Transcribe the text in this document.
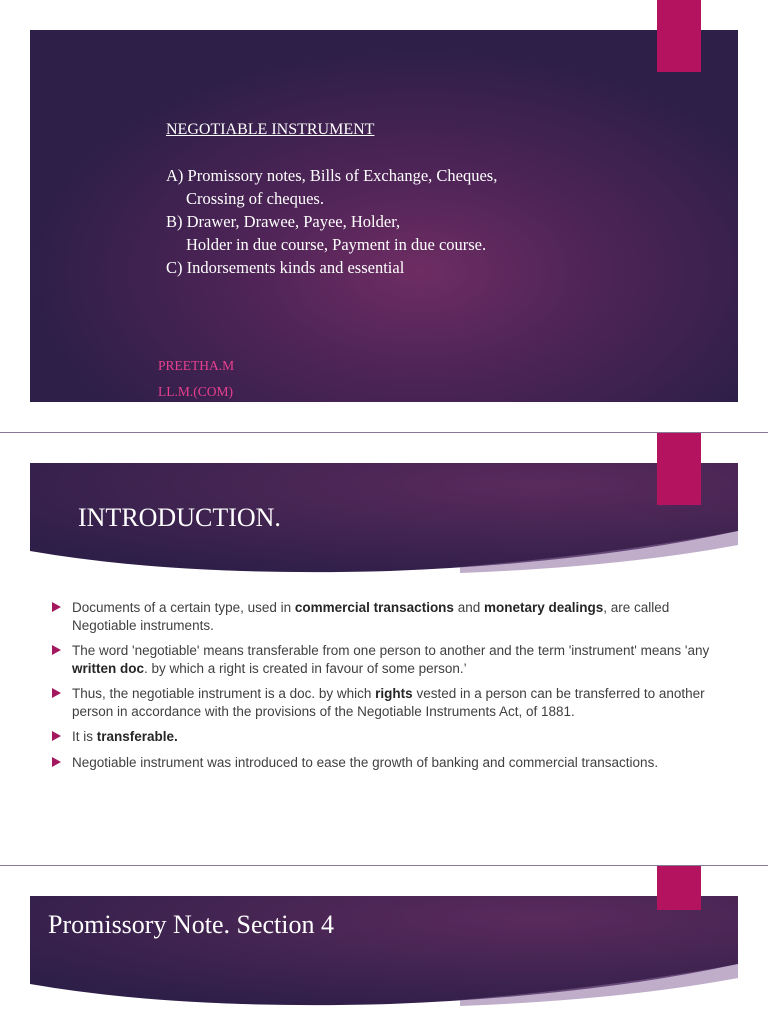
NEGOTIABLE INSTRUMENT
A) Promissory notes, Bills of Exchange, Cheques,
Crossing of cheques.
B) Drawer, Drawee, Payee, Holder,
Holder in due course, Payment in due course.
C) Indorsements kinds and essential
PREETHA.M
LL.M.(COM)
INTRODUCTION.
Documents of a certain type, used in commercial transactions and monetary dealings, are called Negotiable instruments.
The word 'negotiable' means transferable from one person to another and the term 'instrument' means 'any written doc. by which a right is created in favour of some person.’
Thus, the negotiable instrument is a doc. by which rights vested in a person can be transferred to another person in accordance with the provisions of the Negotiable Instruments Act, of 1881.
It is transferable.
Negotiable instrument was introduced to ease the growth of banking and commercial transactions.
Promissory Note. Section 4
